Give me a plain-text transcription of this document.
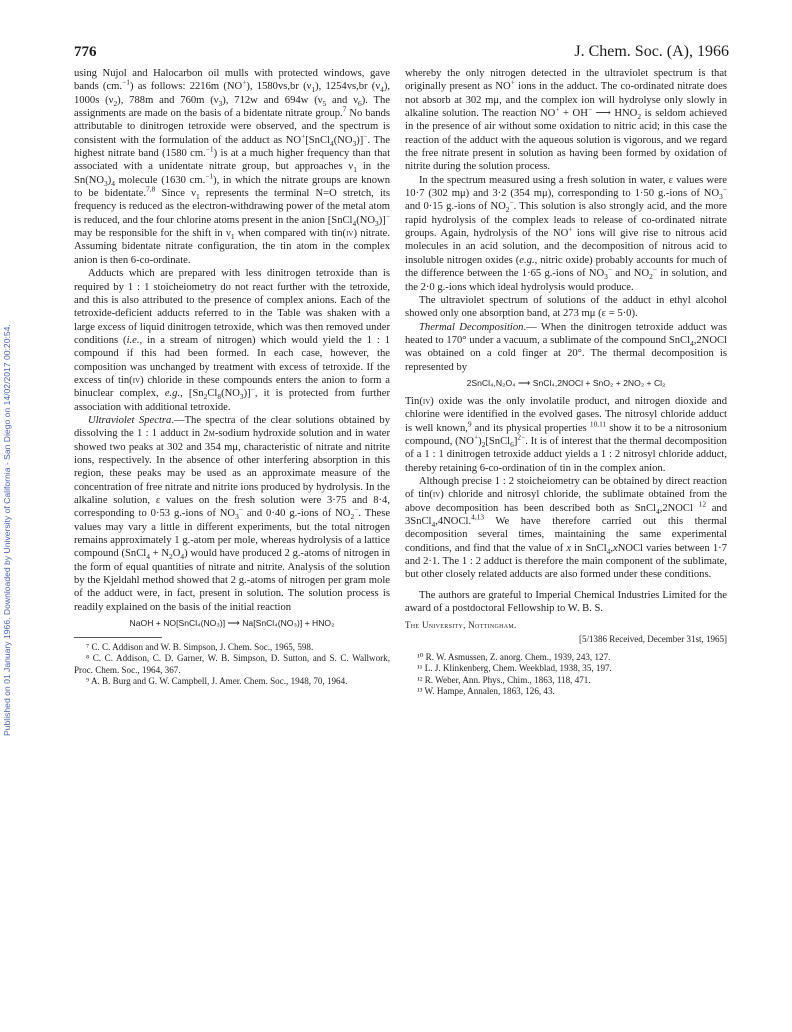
Published on 01 January 1966. Downloaded by University of California - San Diego on 14/02/2017 00:20:54.
776	J. Chem. Soc. (A), 1966

using Nujol and Halocarbon oil mulls with protected windows, gave bands (cm.$^{-1}$) as follows: 2216m (NO+), 1580vs,br $(\nu_1)$, 1254vs,br $(\nu_4)$, 1000s $(\nu_2)$, 788m and 760m $(\nu_3)$, 712w and 694w ($\nu_5$ and $\nu_6$). The assignments are made on the basis of a bidentate nitrate group.$^7$ No bands attributable to dinitrogen tetroxide were observed, and the spectrum is consistent with the formulation of the adduct as $NO^+[SnCl_4(NO_3)]^-$. The highest nitrate band (1580 cm.$^{-1}$) is at a much higher frequency than that associated with a unidentate nitrate group, but approaches $\nu_1$ in the $Sn(NO_3)_4$ molecule (1630 cm.$^{-1}$), in which the nitrate groups are known to be bidentate.$^{7,8}$ Since $\nu_1$ represents the terminal N=O stretch, its frequency is reduced as the electron-withdrawing power of the metal atom is reduced, and the four chlorine atoms present in the anion $[SnCl_4(NO_3)]^-$ may be responsible for the shift in $\nu_1$ when compared with tin(iv) nitrate. Assuming bidentate nitrate configuration, the tin atom in the complex anion is then 6-co-ordinate.

Adducts which are prepared with less dinitrogen tetroxide than is required by 1 : 1 stoicheiometry do not react further with the tetroxide, and this is also attributed to the presence of complex anions. Each of the tetroxide-deficient adducts referred to in the Table was shaken with a large excess of liquid dinitrogen tetroxide, which was then removed under conditions (i.e., in a stream of nitrogen) which would yield the 1 : 1 compound if this had been formed. In each case, however, the composition was unchanged by treatment with excess of tetroxide. If the excess of tin(iv) chloride in these compounds enters the anion to form a binuclear complex, e.g., $[Sn_2Cl_8(NO_3)]^-$, it is protected from further association with additional tetroxide.

Ultraviolet Spectra.—The spectra of the clear solutions obtained by dissolving the 1 : 1 adduct in 2m-sodium hydroxide solution and in water showed two peaks at 302 and 354 mμ, characteristic of nitrate and nitrite ions, respectively. In the absence of other interfering absorption in this region, these peaks may be used as an approximate measure of the concentration of free nitrate and nitrite ions produced by hydrolysis. In the alkaline solution, ε values on the fresh solution were 3·75 and 8·4, corresponding to 0·53 g.-ions of $NO_3^-$ and 0·40 g.-ions of $NO_2^-$. These values may vary a little in different experiments, but the total nitrogen remains approximately 1 g.-atom per mole, whereas hydrolysis of a lattice compound (SnCl$_4$ + $N_2O_4$) would have produced 2 g.-atoms of nitrogen in the form of equal quantities of nitrate and nitrite. Analysis of the solution by the Kjeldahl method showed that 2 g.-atoms of nitrogen per gram mole of the adduct were, in fact, present in solution. The solution process is readily explained on the basis of the initial reaction

NaOH + NO[SnCl₄(NO₃)] ⟶ Na[SnCl₄(NO₃)] + HNO₂
⁷ C. C. Addison and W. B. Simpson, J. Chem. Soc., 1965, 598.
⁸ C. C. Addison, C. D. Garner, W. B. Simpson, D. Sutton, and S. C. Wallwork, Proc. Chem. Soc., 1964, 367.
⁹ A. B. Burg and G. W. Campbell, J. Amer. Chem. Soc., 1948, 70, 1964.

whereby the only nitrogen detected in the ultraviolet spectrum is that originally present as NO+ ions in the adduct. The co-ordinated nitrate does not absorb at 302 mμ, and the complex ion will hydrolyse only slowly in alkaline solution. The reaction NO+ + OH− ⟶ $HNO_2$ is seldom achieved in the presence of air without some oxidation to nitric acid; in this case the reaction of the adduct with the aqueous solution is vigorous, and we regard the free nitrate present in solution as having been formed by oxidation of nitrite during the solution process.

In the spectrum measured using a fresh solution in water, ε values were 10·7 (302 mμ) and 3·2 (354 mμ), corresponding to 1·50 g.-ions of $NO_3^-$ and 0·15 g.-ions of $NO_2^-$. This solution is also strongly acid, and the more rapid hydrolysis of the complex leads to release of co-ordinated nitrate groups. Again, hydrolysis of the NO+ ions will give rise to nitrous acid molecules in an acid solution, and the decomposition of nitrous acid to insoluble nitrogen oxides (e.g., nitric oxide) probably accounts for much of the difference between the 1·65 g.-ions of $NO_3^-$ and $NO_2^-$ in solution, and the 2·0 g.-ions which ideal hydrolysis would produce.

The ultraviolet spectrum of solutions of the adduct in ethyl alcohol showed only one absorption band, at 273 mμ (ε = 5·0).

Thermal Decomposition.— When the dinitrogen tetroxide adduct was heated to 170° under a vacuum, a sublimate of the compound SnCl$_4$,2NOCl was obtained on a cold finger at 20°. The thermal decomposition is represented by

2SnCl₄,N₂O₄ ⟶ SnCl₄,2NOCl + SnO₂ + 2NO₂ + Cl₂

Tin(iv) oxide was the only involatile product, and nitrogen dioxide and chlorine were identified in the evolved gases. The nitrosyl chloride adduct is well known,$^9$ and its physical properties $^{10,11}$ show it to be a nitrosonium compound, $(NO^+)_2[SnCl_6]^{2-}$. It is of interest that the thermal decomposition of a 1 : 1 dinitrogen tetroxide adduct yields a 1 : 2 nitrosyl chloride adduct, thereby retaining 6-co-ordination of tin in the complex anion.

Although precise 1 : 2 stoicheiometry can be obtained by direct reaction of tin(iv) chloride and nitrosyl chloride, the sublimate obtained from the above decomposition has been described both as SnCl$_4$,2NOCl $^{12}$ and 3SnCl$_4$,4NOCl.$^{4,13}$ We have therefore carried out this thermal decomposition several times, maintaining the same experimental conditions, and find that the value of x in SnCl$_4$,xNOCl varies between 1·7 and 2·1. The 1 : 2 adduct is therefore the main component of the sublimate, but other closely related adducts are also formed under these conditions.

The authors are grateful to Imperial Chemical Industries Limited for the award of a postdoctoral Fellowship to W. B. S.

The University, Nottingham.
[5/1386 Received, December 31st, 1965]
¹⁰ R. W. Asmussen, Z. anorg. Chem., 1939, 243, 127.
¹¹ L. J. Klinkenberg, Chem. Weekblad, 1938, 35, 197.
¹² R. Weber, Ann. Phys., Chim., 1863, 118, 471.
¹³ W. Hampe, Annalen, 1863, 126, 43.
